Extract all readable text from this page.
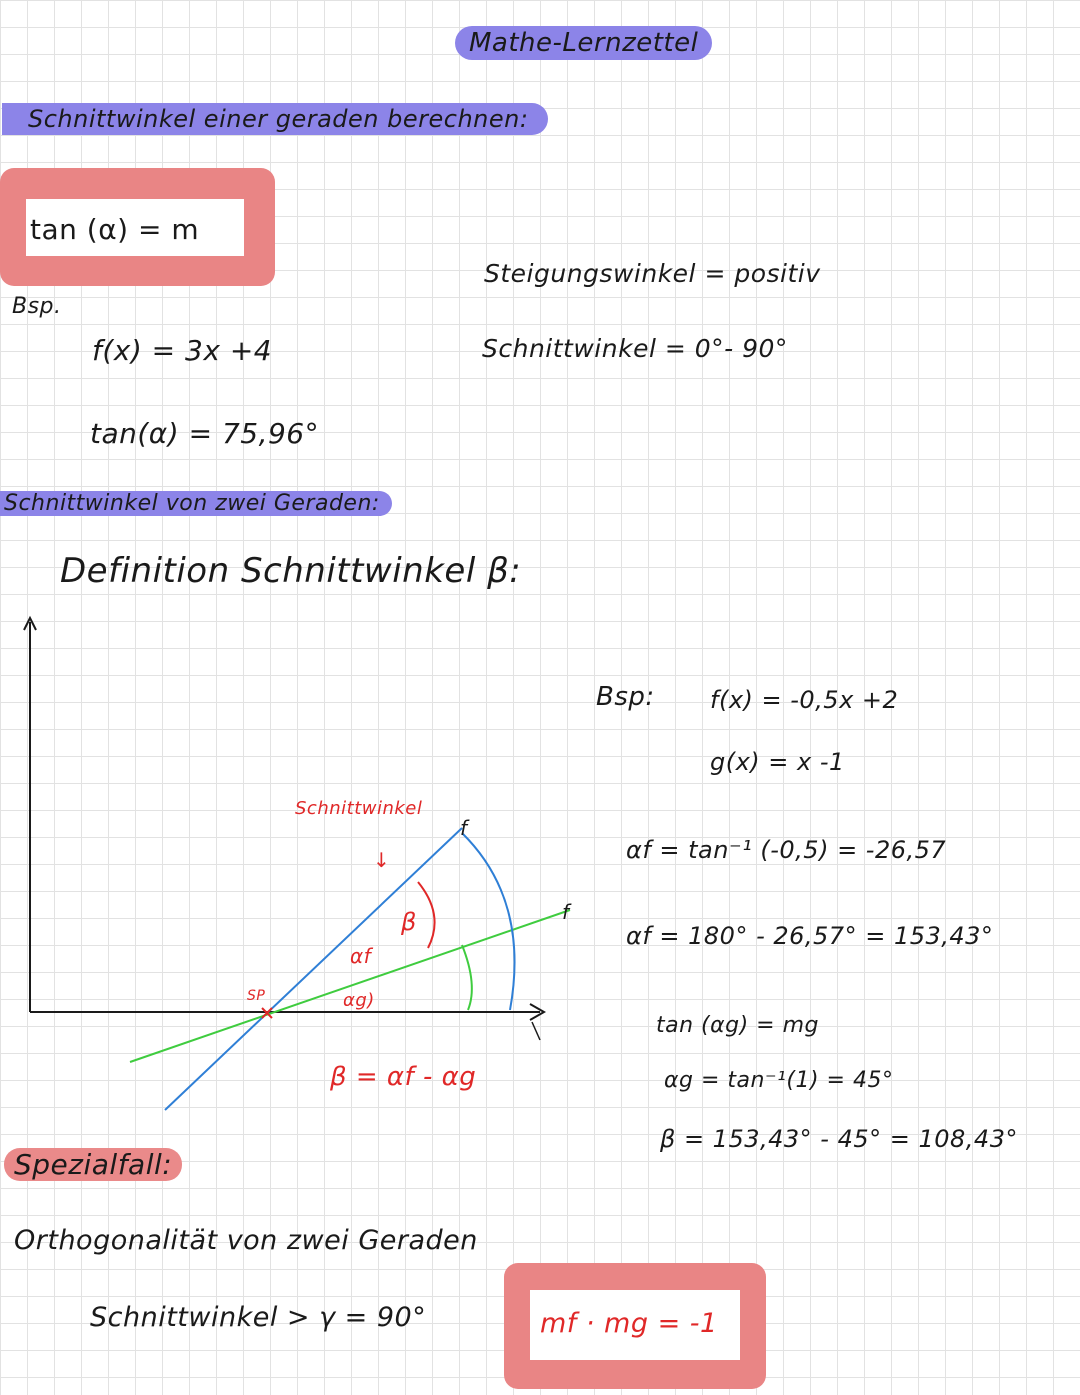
Mathe-Lernzettel
Schnittwinkel einer geraden berechnen:
tan (α) = m
Bsp.
f(x) = 3x +4
tan(α) = 75,96°
Steigungswinkel = positiv
Schnittwinkel = 0°- 90°
Schnittwinkel von zwei Geraden:
Definition Schnittwinkel β:
Schnittwinkel
↓
β
αf
αg)
SP
f
f
β = αf - αg
Bsp: f(x) = -0,5x +2
g(x) = x -1
αf = tan⁻¹ (-0,5) = -26,57
αf = 180° - 26,57° = 153,43°
tan (αg) = mg
αg = tan⁻¹(1) = 45°
β = 153,43° - 45° = 108,43°
Spezialfall:
Orthogonalität von zwei Geraden
Schnittwinkel > γ = 90°	mf · mg = -1
